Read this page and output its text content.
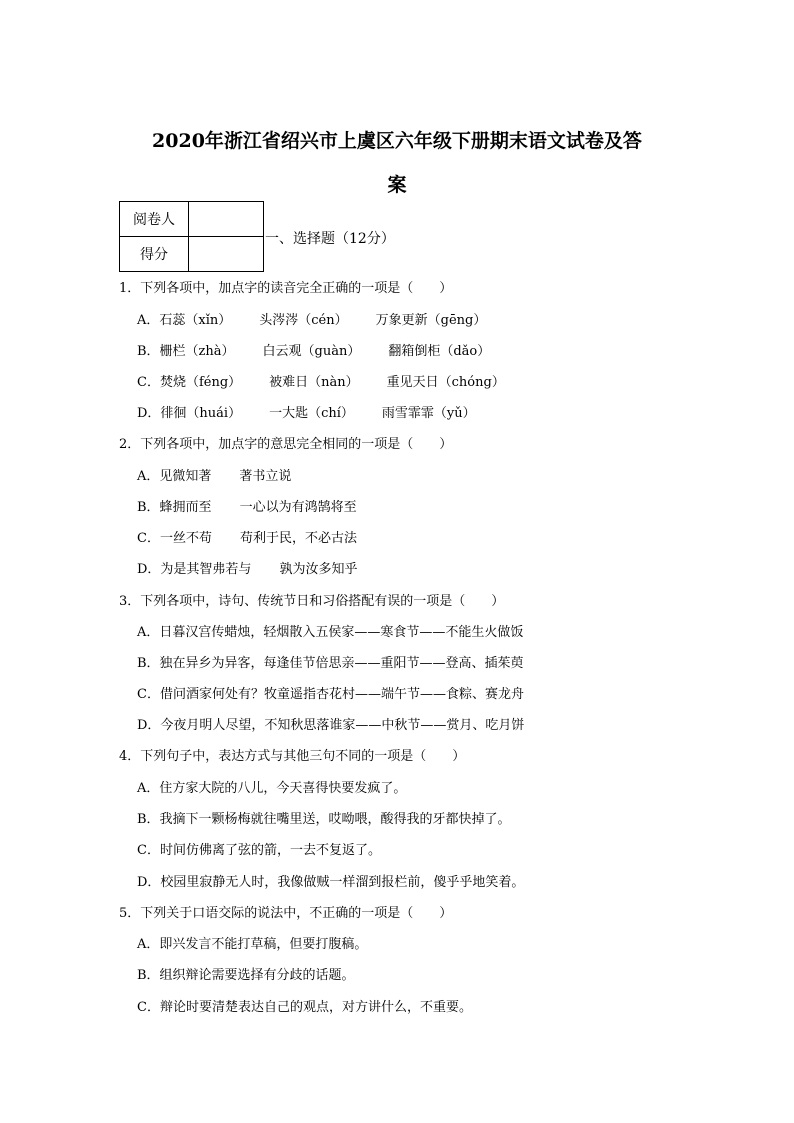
2020年浙江省绍兴市上虞区六年级下册期末语文试卷及答
案
阅卷人	
得分	
一、选择题（12分）
1．下列各项中，加点字的读音完全正确的一项是（　　）
A．石蕊（xǐn） 头涔涔（cén） 万象更新（gēng）
B．栅栏（zhà） 白云观（guàn） 翻箱倒柜（dǎo）
C．焚烧（féng） 被难日（nàn） 重见天日（chóng）
D．徘徊（huái） 一大匙（chí） 雨雪霏霏（yǔ）
2．下列各项中，加点字的意思完全相同的一项是（　　）
A．见微知著 著书立说
B．蜂拥而至 一心以为有鸿鹄将至
C．一丝不苟 苟利于民，不必古法
D．为是其智弗若与 孰为汝多知乎
3．下列各项中，诗句、传统节日和习俗搭配有误的一项是（　　）
A．日暮汉宫传蜡烛，轻烟散入五侯家——寒食节——不能生火做饭
B．独在异乡为异客，每逢佳节倍思亲——重阳节——登高、插茱萸
C．借问酒家何处有？牧童遥指杏花村——端午节——食粽、赛龙舟
D．今夜月明人尽望，不知秋思落谁家——中秋节——赏月、吃月饼
4．下列句子中，表达方式与其他三句不同的一项是（　　）
A．住方家大院的八儿，今天喜得快要发疯了。
B．我摘下一颗杨梅就往嘴里送，哎呦喂，酸得我的牙都快掉了。
C．时间仿佛离了弦的箭，一去不复返了。
D．校园里寂静无人时，我像做贼一样溜到报栏前，傻乎乎地笑着。
5．下列关于口语交际的说法中，不正确的一项是（　　）
A．即兴发言不能打草稿，但要打腹稿。
B．组织辩论需要选择有分歧的话题。
C．辩论时要清楚表达自己的观点，对方讲什么，不重要。
